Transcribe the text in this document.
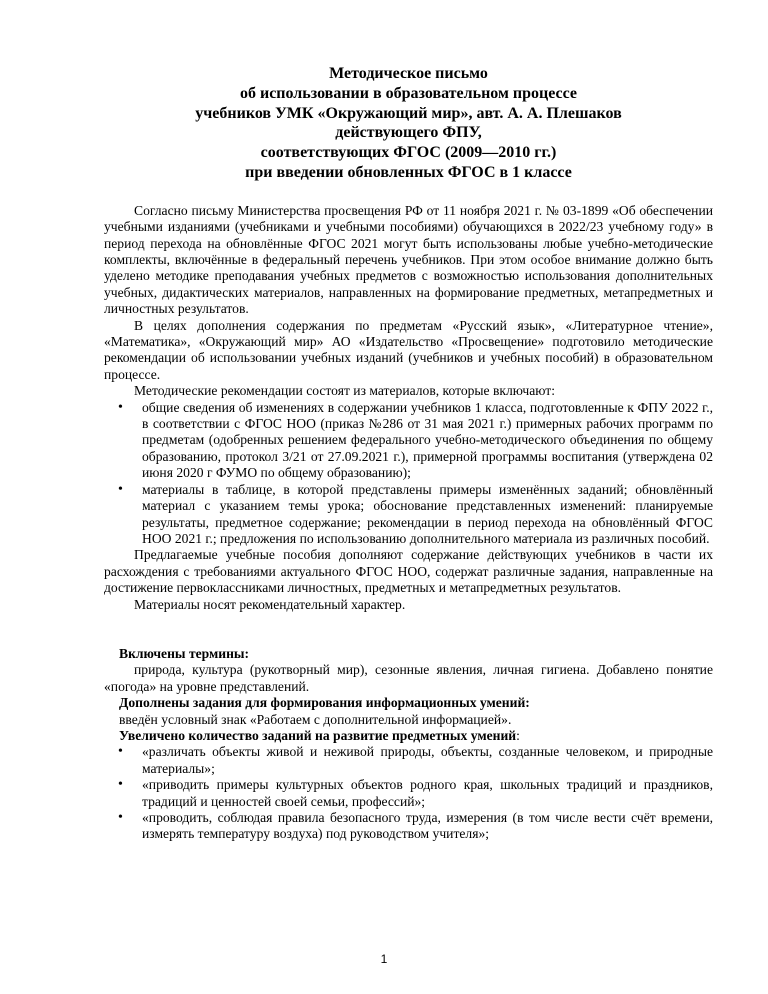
Методическое письмо
об использовании в образовательном процессе
учебников УМК «Окружающий мир», авт. А. А. Плешаков
действующего ФПУ,
соответствующих ФГОС (2009—2010 гг.)
при введении обновленных ФГОС в 1 классе

Согласно письму Министерства просвещения РФ от 11 ноября 2021 г. № 03-1899 «Об обеспечении учебными изданиями (учебниками и учебными пособиями) обучающихся в 2022/23 учебному году» в период перехода на обновлённые ФГОС 2021 могут быть использованы любые учебно-методические комплекты, включённые в федеральный перечень учебников. При этом особое внимание должно быть уделено методике преподавания учебных предметов с возможностью использования дополнительных учебных, дидактических материалов, направленных на формирование предметных, метапредметных и личностных результатов.

В целях дополнения содержания по предметам «Русский язык», «Литературное чтение», «Математика», «Окружающий мир» АО «Издательство «Просвещение» подготовило методические рекомендации об использовании учебных изданий (учебников и учебных пособий) в образовательном процессе.

Методические рекомендации состоят из материалов, которые включают:

• общие сведения об изменениях в содержании учебников 1 класса, подготовленные к ФПУ 2022 г., в соответствии с ФГОС НОО (приказ №286 от 31 мая 2021 г.) примерных рабочих программ по предметам (одобренных решением федерального учебно-методического объединения по общему образованию, протокол 3/21 от 27.09.2021 г.), примерной программы воспитания (утверждена 02 июня 2020 г ФУМО по общему образованию);
• материалы в таблице, в которой представлены примеры изменённых заданий; обновлённый материал с указанием темы урока; обоснование представленных изменений: планируемые результаты, предметное содержание; рекомендации в период перехода на обновлённый ФГОС НОО 2021 г.; предложения по использованию дополнительного материала из различных пособий.

Предлагаемые учебные пособия дополняют содержание действующих учебников в части их расхождения с требованиями актуального ФГОС НОО, содержат различные задания, направленные на достижение первоклассниками личностных, предметных и метапредметных результатов.

Материалы носят рекомендательный характер.

Включены термины:

природа, культура (рукотворный мир), сезонные явления, личная гигиена. Добавлено понятие «погода» на уровне представлений.

Дополнены задания для формирования информационных умений:

введён условный знак «Работаем с дополнительной информацией».

Увеличено количество заданий на развитие предметных умений:

• «различать объекты живой и неживой природы, объекты, созданные человеком, и природные материалы»;
• «приводить примеры культурных объектов родного края, школьных традиций и праздников, традиций и ценностей своей семьи, профессий»;
• «проводить, соблюдая правила безопасного труда, измерения (в том числе вести счёт времени, измерять температуру воздуха) под руководством учителя»;
1
